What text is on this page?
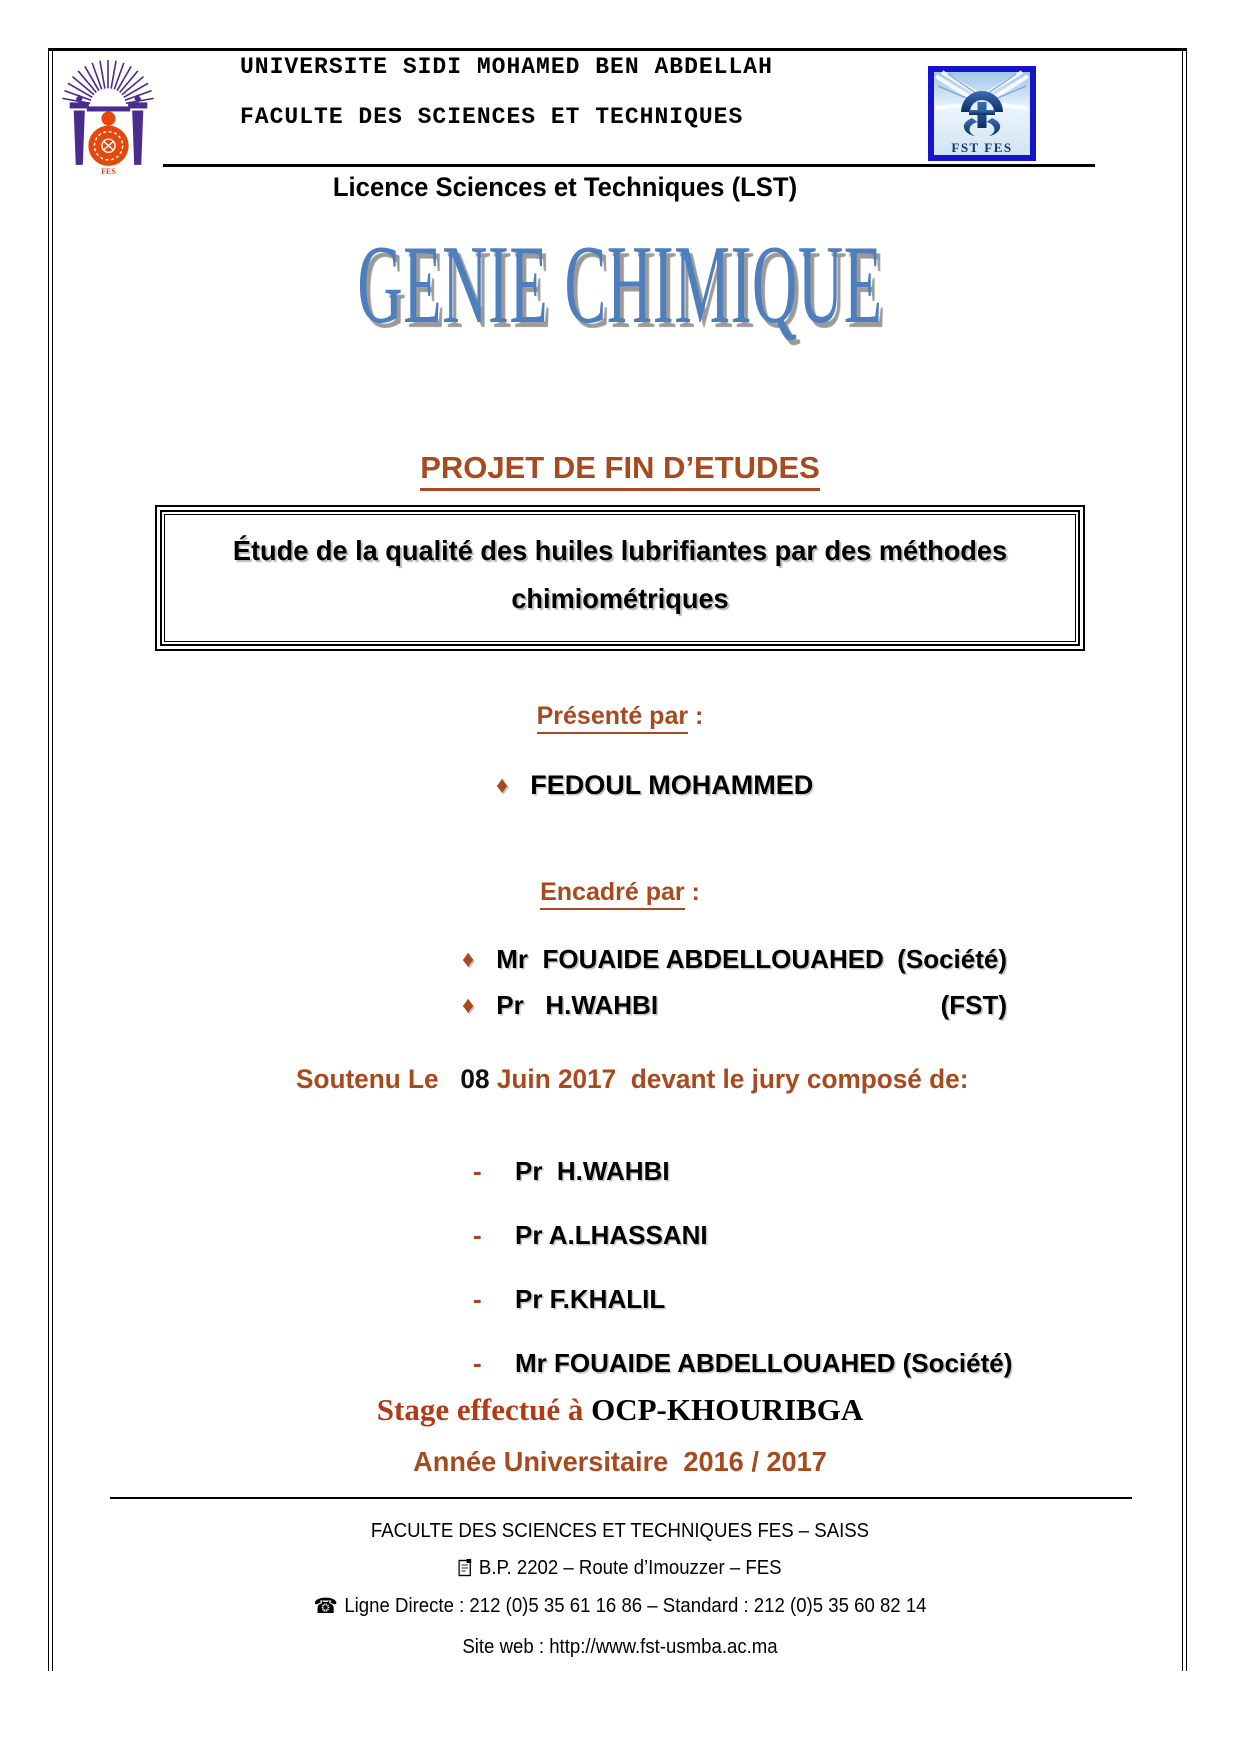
FES
FST FES
UNIVERSITE SIDI MOHAMED BEN ABDELLAH
FACULTE DES SCIENCES ET TECHNIQUES
Licence Sciences et Techniques (LST)
GENIE CHIMIQUE
PROJET DE FIN D’ETUDES
Étude de la qualité des huiles lubrifiantes par des méthodes
chimiométriques
Présenté par :
♦ FEDOUL MOHAMMED
Encadré par :
♦ Mr  FOUAIDE ABDELLOUAHED (Société)
♦ Pr   H.WAHBI	(FST)
Soutenu Le   08 Juin 2017  devant le jury composé de:
-	Pr  H.WAHBI
-	Pr A.LHASSANI
-	Pr F.KHALIL
-	Mr FOUAIDE ABDELLOUAHED (Société)
Stage effectué à OCP-KHOURIBGA
Année Universitaire  2016 / 2017
FACULTE DES SCIENCES ET TECHNIQUES FES – SAISS
B.P. 2202 – Route d’Imouzzer – FES
☎ Ligne Directe : 212 (0)5 35 61 16 86 – Standard : 212 (0)5 35 60 82 14
Site web : http://www.fst-usmba.ac.ma
